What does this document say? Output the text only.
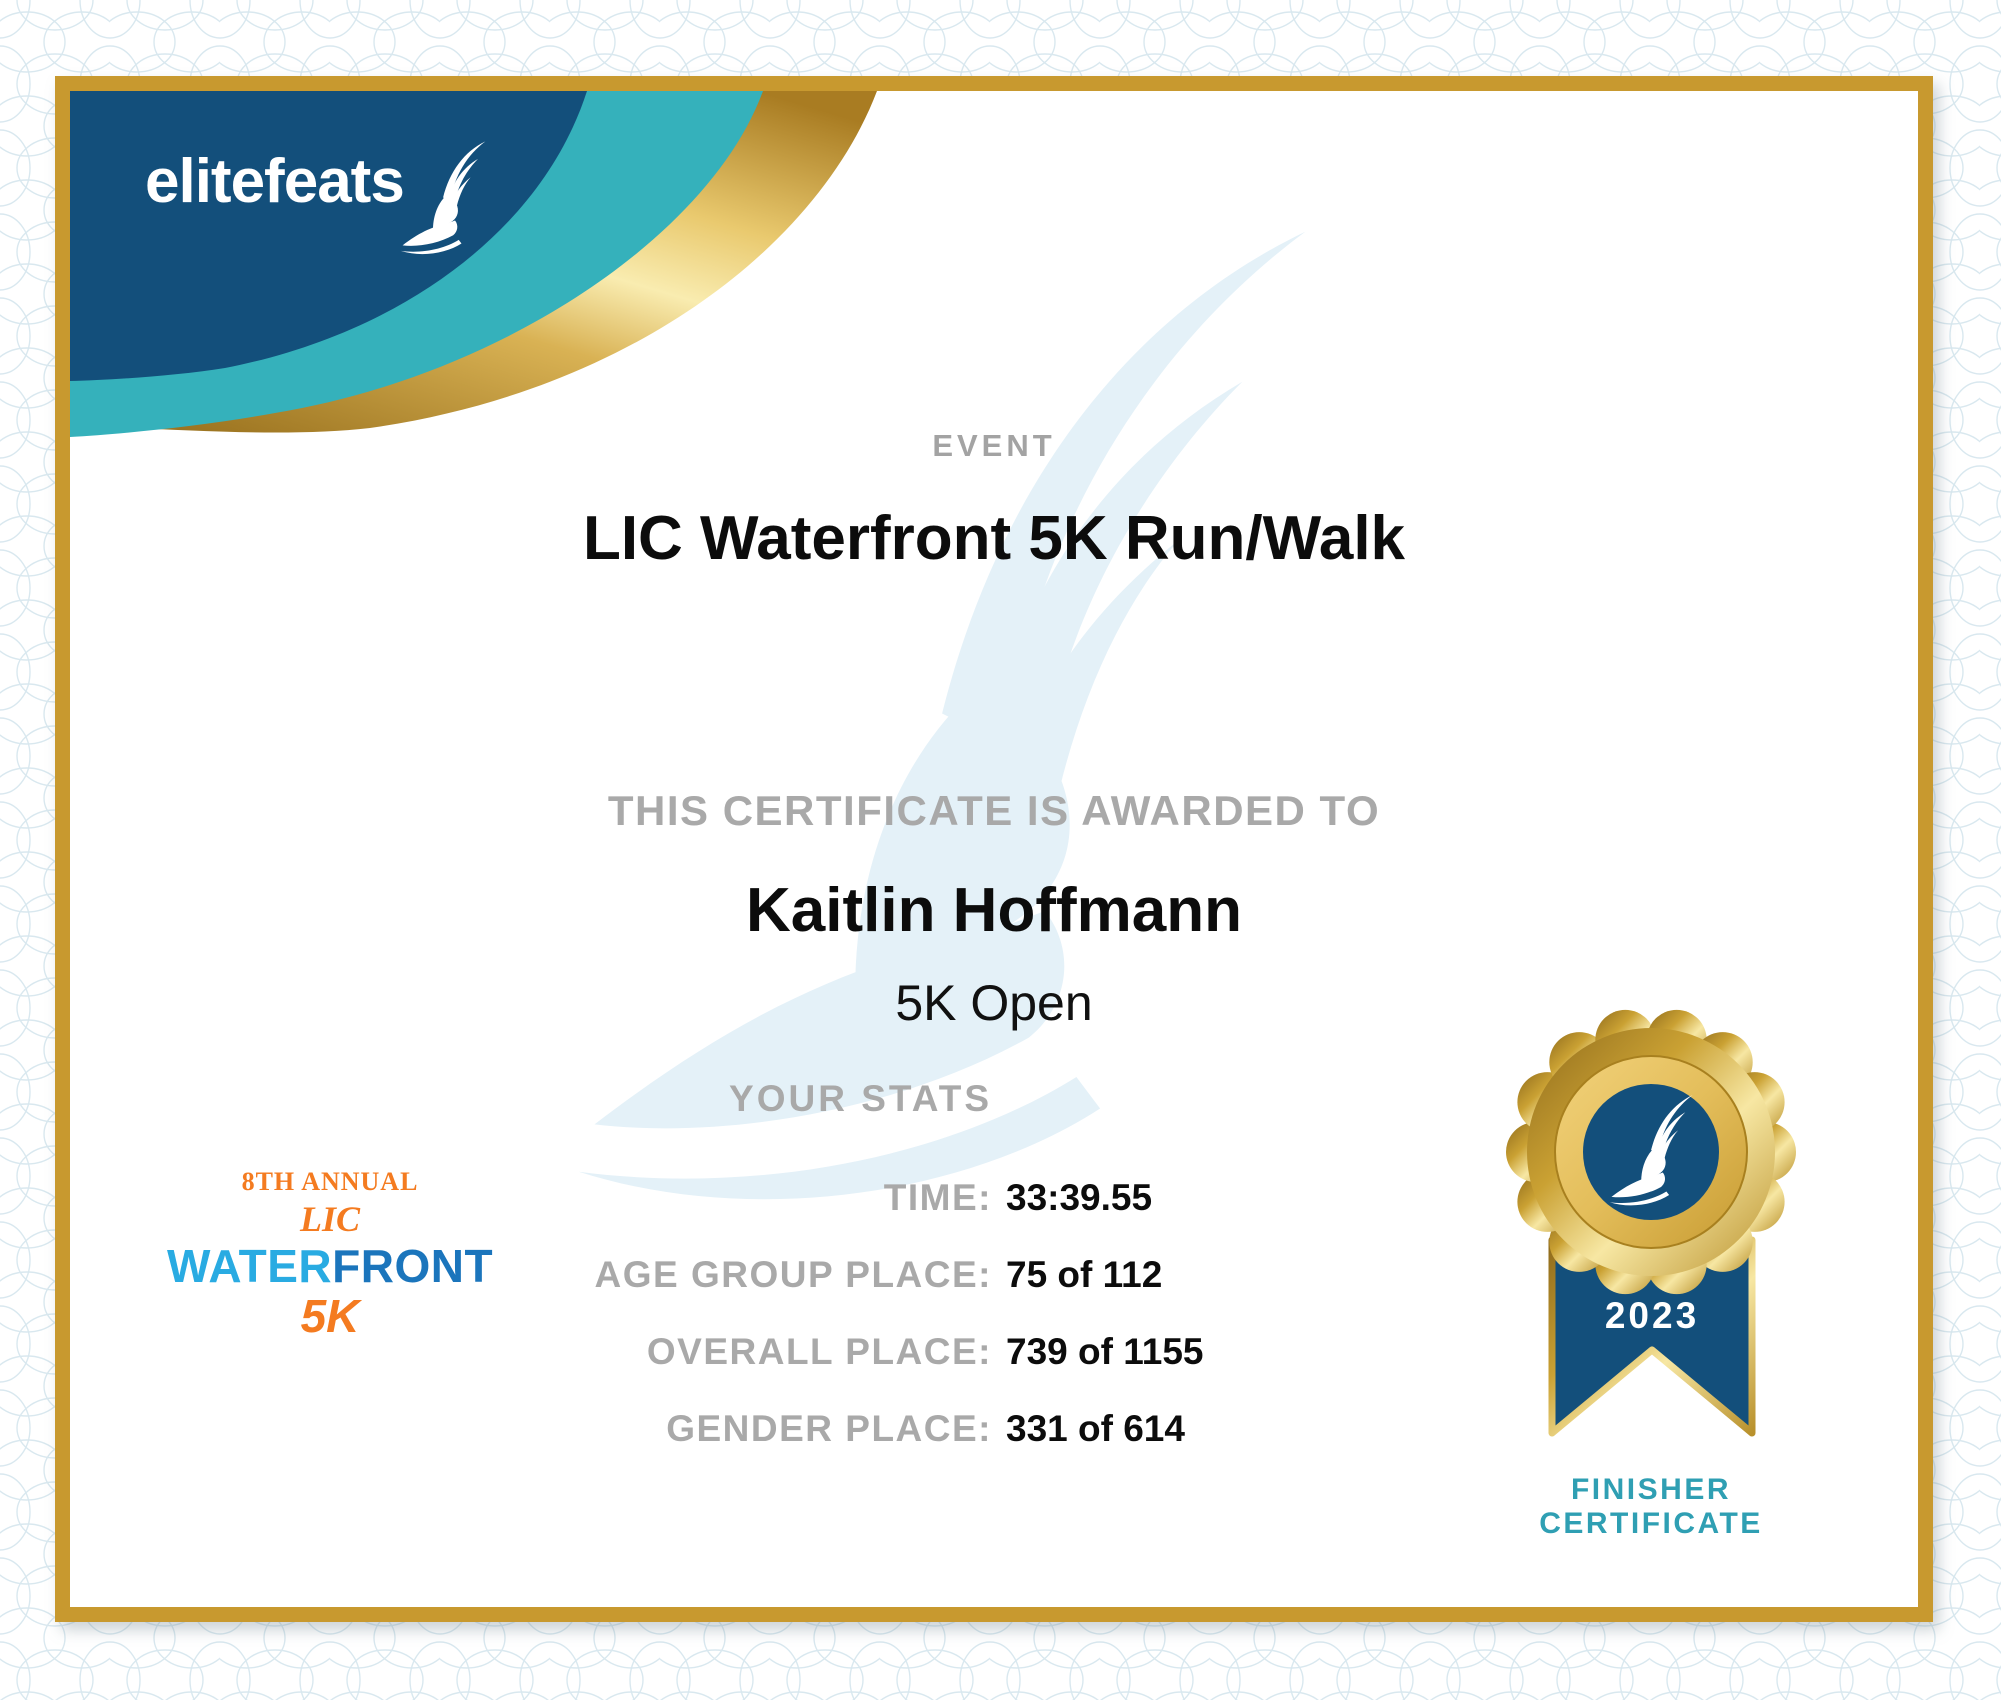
elitefeats
EVENT
LIC Waterfront 5K Run/Walk
THIS CERTIFICATE IS AWARDED TO
Kaitlin Hoffmann
5K Open
YOUR STATS
TIME: 33:39.55
AGE GROUP PLACE: 75 of 112
OVERALL PLACE: 739 of 1155
GENDER PLACE: 331 of 614
8TH ANNUAL
LIC
WATERFRONT
5K	2023
FINISHER
CERTIFICATE
